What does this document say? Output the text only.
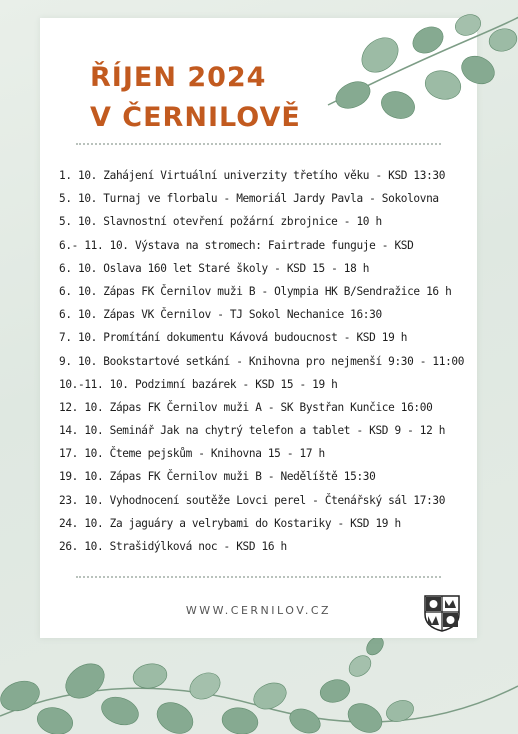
ŘÍJEN 2024
V ČERNILOVĚ
1. 10. Zahájení Virtuální univerzity třetího věku - KSD 13:30
5. 10. Turnaj ve florbalu - Memoriál Jardy Pavla - Sokolovna
5. 10. Slavnostní otevření požární zbrojnice - 10 h
6.- 11. 10. Výstava na stromech: Fairtrade funguje - KSD
6. 10. Oslava 160 let Staré školy - KSD 15 - 18 h
6. 10. Zápas FK Černilov muži B - Olympia HK B/Sendražice 16 h
6. 10. Zápas VK Černilov - TJ Sokol Nechanice 16:30
7. 10. Promítání dokumentu Kávová budoucnost - KSD 19 h
9. 10. Bookstartové setkání - Knihovna pro nejmenší 9:30 - 11:00
10.-11. 10. Podzimní bazárek - KSD 15 - 19 h
12. 10. Zápas FK Černilov muži A - SK Bystřan Kunčice 16:00
14. 10. Seminář Jak na chytrý telefon a tablet - KSD 9 - 12 h
17. 10. Čteme pejskům - Knihovna 15 - 17 h
19. 10. Zápas FK Černilov muži B - Nedělíště 15:30
23. 10. Vyhodnocení soutěže Lovci perel - Čtenářský sál 17:30
24. 10. Za jaguáry a velrybami do Kostariky - KSD 19 h
26. 10. Strašidýlková noc - KSD 16 h
WWW.CERNILOV.CZ
